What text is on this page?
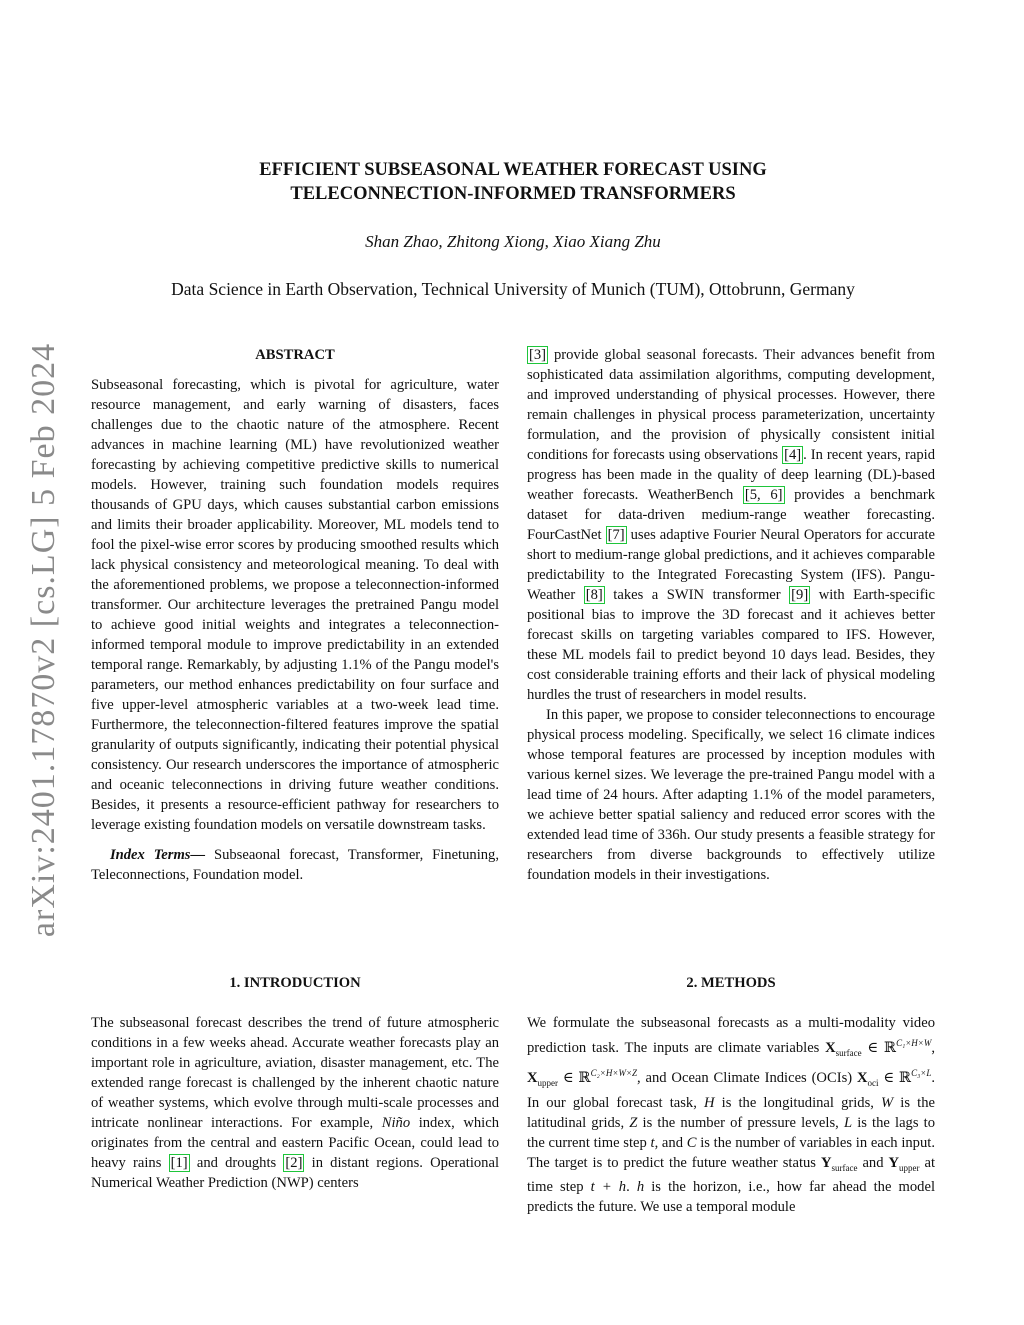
arXiv:2401.17870v2 [cs.LG] 5 Feb 2024
EFFICIENT SUBSEASONAL WEATHER FORECAST USING
TELECONNECTION-INFORMED TRANSFORMERS
Shan Zhao, Zhitong Xiong, Xiao Xiang Zhu
Data Science in Earth Observation, Technical University of Munich (TUM), Ottobrunn, Germany
ABSTRACT

Subseasonal forecasting, which is pivotal for agriculture, water resource management, and early warning of disasters, faces challenges due to the chaotic nature of the atmosphere. Recent advances in machine learning (ML) have revolutionized weather forecasting by achieving competitive predictive skills to numerical models. However, training such foundation models requires thousands of GPU days, which causes substantial carbon emissions and limits their broader applicability. Moreover, ML models tend to fool the pixel-wise error scores by producing smoothed results which lack physical consistency and meteorological meaning. To deal with the aforementioned problems, we propose a teleconnection-informed transformer. Our architecture leverages the pretrained Pangu model to achieve good initial weights and integrates a teleconnection-informed temporal module to improve predictability in an extended temporal range. Remarkably, by adjusting 1.1% of the Pangu model's parameters, our method enhances predictability on four surface and five upper-level atmospheric variables at a two-week lead time. Furthermore, the teleconnection-filtered features improve the spatial granularity of outputs significantly, indicating their potential physical consistency. Our research underscores the importance of atmospheric and oceanic teleconnections in driving future weather conditions. Besides, it presents a resource-efficient pathway for researchers to leverage existing foundation models on versatile downstream tasks.

Index Terms— Subseaonal forecast, Transformer, Finetuning, Teleconnections, Foundation model.

1. INTRODUCTION

The subseasonal forecast describes the trend of future atmospheric conditions in a few weeks ahead. Accurate weather forecasts play an important role in agriculture, aviation, disaster management, etc. The extended range forecast is challenged by the inherent chaotic nature of weather systems, which evolve through multi-scale processes and intricate nonlinear interactions. For example, Niño index, which originates from the central and eastern Pacific Ocean, could lead to heavy rains [1] and droughts [2] in distant regions. Operational Numerical Weather Prediction (NWP) centers

[3] provide global seasonal forecasts. Their advances benefit from sophisticated data assimilation algorithms, computing development, and improved understanding of physical processes. However, there remain challenges in physical process parameterization, uncertainty formulation, and the provision of physically consistent initial conditions for forecasts using observations [4] . In recent years, rapid progress has been made in the quality of deep learning (DL)-based weather forecasts. WeatherBench [5, 6] provides a benchmark dataset for data-driven medium-range weather forecasting. FourCastNet [7] uses adaptive Fourier Neural Operators for accurate short to medium-range global predictions, and it achieves comparable predictability to the Integrated Forecasting System (IFS). Pangu-Weather [8] takes a SWIN transformer [9] with Earth-specific positional bias to improve the 3D forecast and it achieves better forecast skills on targeting variables compared to IFS. However, these ML models fail to predict beyond 10 days lead. Besides, they cost considerable training efforts and their lack of physical modeling hurdles the trust of researchers in model results.

In this paper, we propose to consider teleconnections to encourage physical process modeling. Specifically, we select 16 climate indices whose temporal features are processed by inception modules with various kernel sizes. We leverage the pre-trained Pangu model with a lead time of 24 hours. After adapting 1.1% of the model parameters, we achieve better spatial saliency and reduced error scores with the extended lead time of 336h. Our study presents a feasible strategy for researchers from diverse backgrounds to effectively utilize foundation models in their investigations.

2. METHODS

We formulate the subseasonal forecasts as a multi-modality video prediction task. The inputs are climate variables $X_{surface}$ ∈ ℝ$^{C_1\times H\times W}$, $X_{upper}$ ∈ ℝ$^{C_2\times H\times W\times Z}$, and Ocean Climate Indices (OCIs) $X_{oci}$ ∈ ℝ$^{C_3\times L}$. In our global forecast task, H is the longitudinal grids, W is the latitudinal grids, Z is the number of pressure levels, L is the lags to the current time step t, and C is the number of variables in each input. The target is to predict the future weather status $Y_{surface}$ and $Y_{upper}$ at time step t + h. h is the horizon, i.e., how far ahead the model predicts the future. We use a temporal module
